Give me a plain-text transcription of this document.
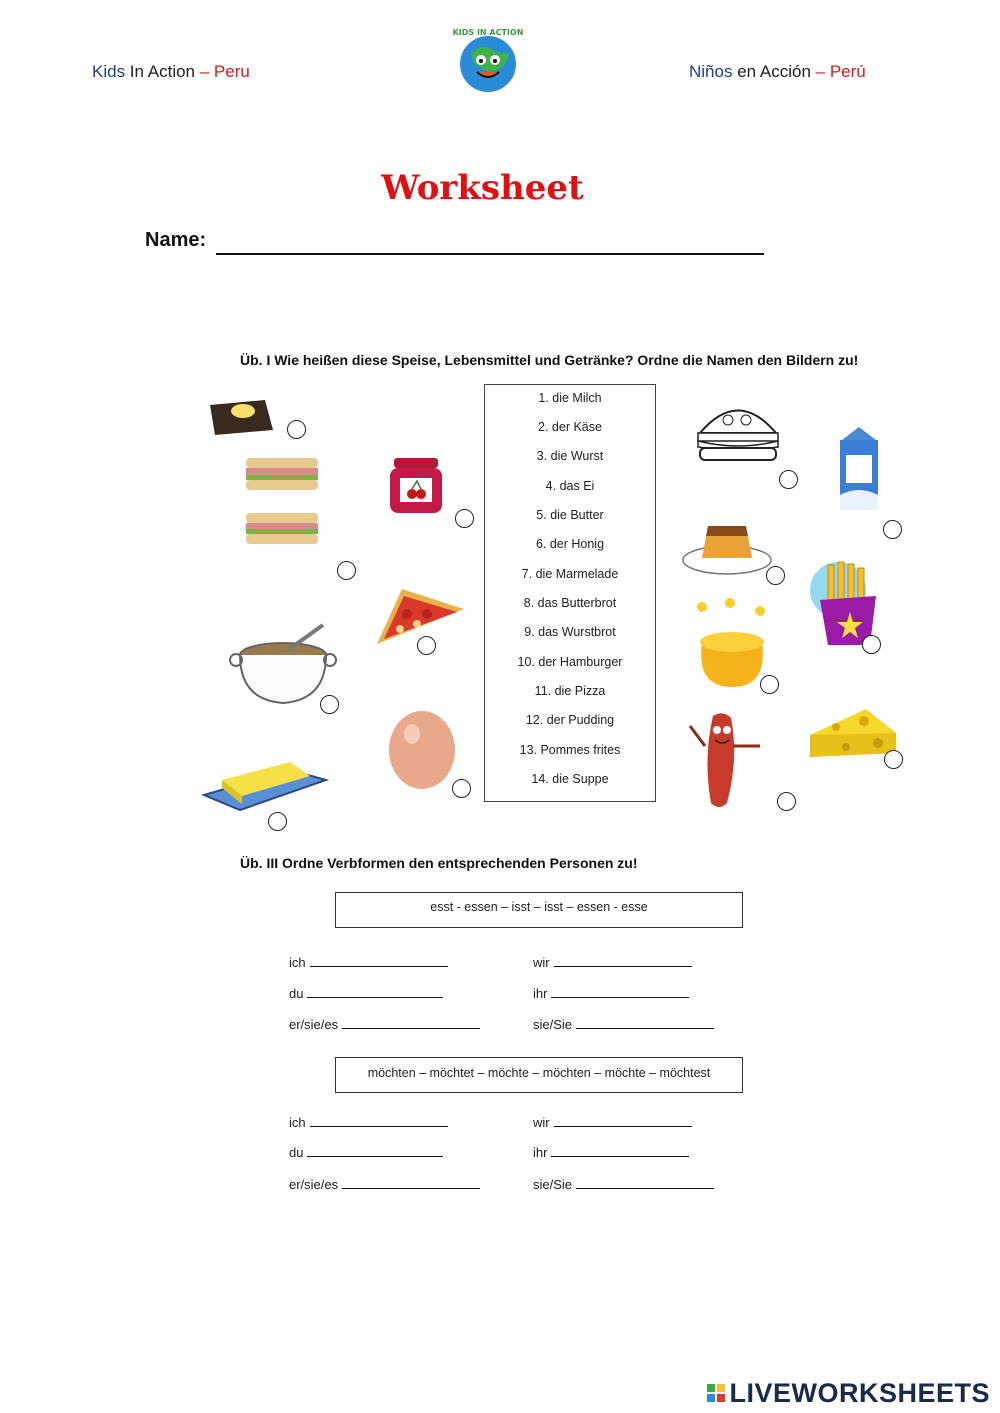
Kids In Action – Peru
KIDS IN ACTION
Niños en Acción – Perú
Worksheet
Name:
Üb. I Wie heißen diese Speise, Lebensmittel und Getränke? Ordne die Namen den Bildern zu!
1. die Milch
2. der Käse
3. die Wurst
4. das Ei
5. die Butter
6. der Honig
7. die Marmelade
8. das Butterbrot
9. das Wurstbrot
10. der Hamburger
11. die Pizza
12. der Pudding
13. Pommes frites
14. die Suppe
Üb. III Ordne Verbformen den entsprechenden Personen zu!
esst - essen – isst – isst – essen - esse
ich
du
er/sie/es
wir
ihr
sie/Sie
möchten – möchtet – möchte – möchten – möchte – möchtest
ich
du
er/sie/es
wir
ihr
sie/Sie
LIVEWORKSHEETS
